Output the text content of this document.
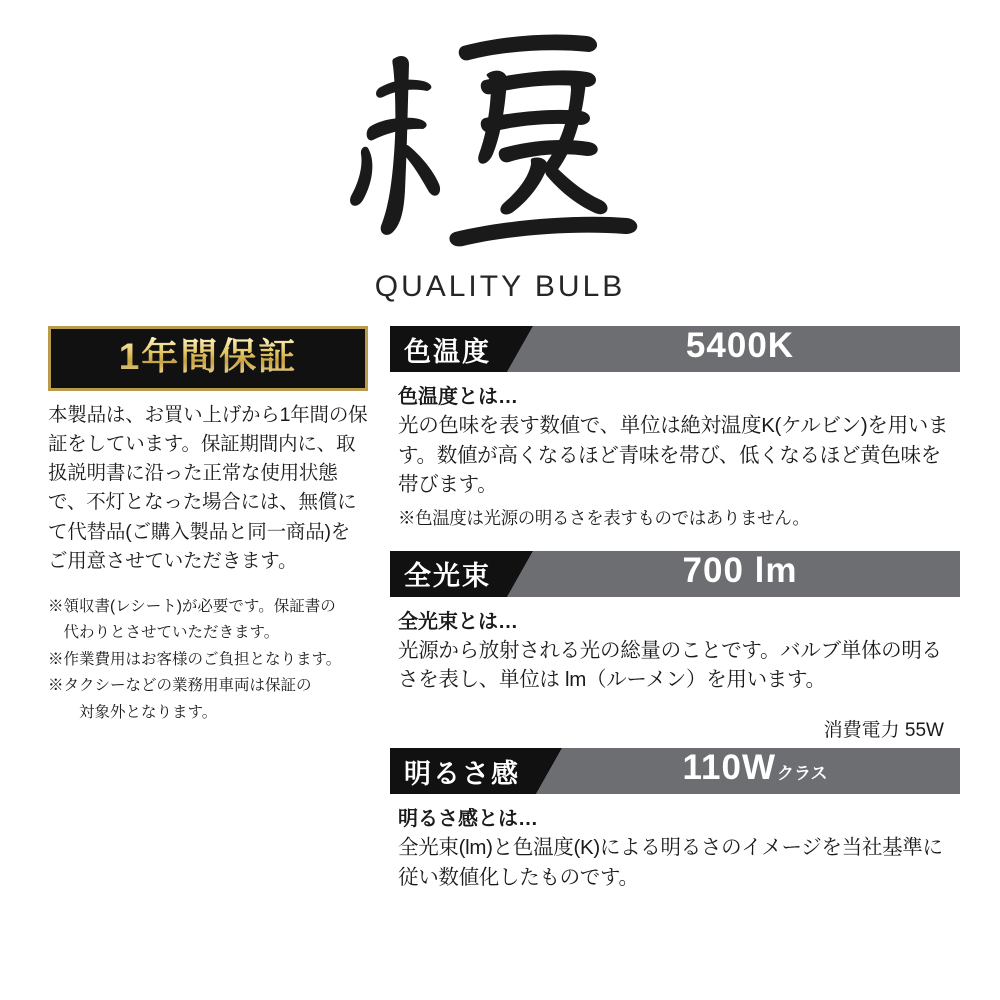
QUALITY BULB
1年間保証

本製品は、お買い上げから1年間の保証をしています。保証期間内に、取扱説明書に沿った正常な使用状態で、不灯となった場合には、無償にて代替品(ご購入製品と同一商品)をご用意させていただきます。

※領収書(レシート)が必要です。保証書の
　代わりとさせていただきます。
※作業費用はお客様のご負担となります。
※タクシーなどの業務用車両は保証の
　　対象外となります。
色温度	5400K
色温度とは…

光の色味を表す数値で、単位は絶対温度K(ケルビン)を用います。数値が高くなるほど青味を帯び、低くなるほど黄色味を帯びます。

※色温度は光源の明るさを表すものではありません。

全光束	700 lm
全光束とは…

光源から放射される光の総量のことです。バルブ単体の明るさを表し、単位は lm（ルーメン）を用います。

消費電力 55W
明るさ感	110W クラス
明るさ感とは…

全光束(lm)と色温度(K)による明るさのイメージを当社基準に従い数値化したものです。
